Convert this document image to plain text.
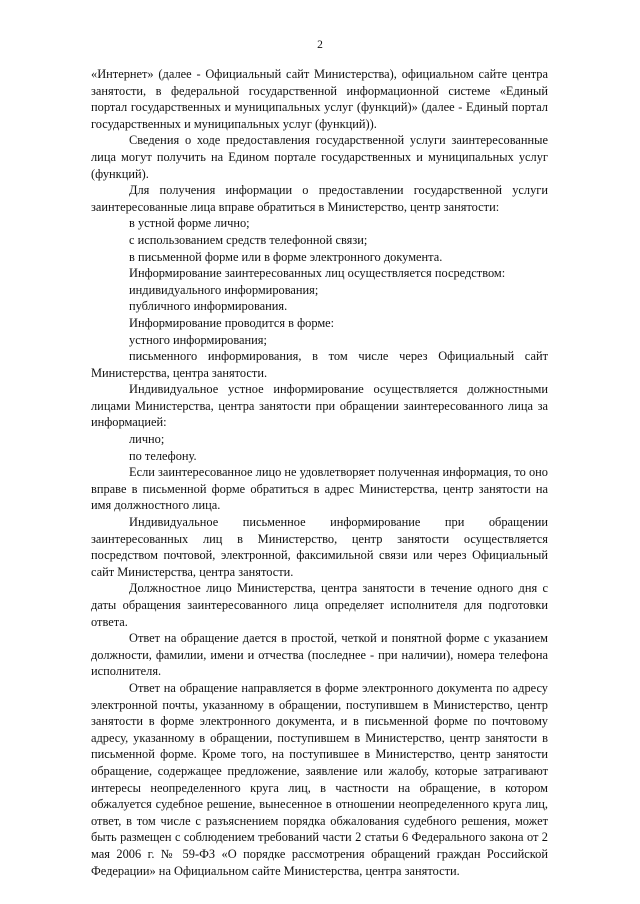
2

«Интернет» (далее - Официальный сайт Министерства), официальном сайте центра занятости, в федеральной государственной информационной системе «Единый портал государственных и муниципальных услуг (функций)» (далее - Единый портал государственных и муниципальных услуг (функций)).

Сведения о ходе предоставления государственной услуги заинтересованные лица могут получить на Едином портале государственных и муниципальных услуг (функций).

Для получения информации о предоставлении государственной услуги заинтересованные лица вправе обратиться в Министерство, центр занятости:

в устной форме лично;

с использованием средств телефонной связи;

в письменной форме или в форме электронного документа.

Информирование заинтересованных лиц осуществляется посредством:

индивидуального информирования;

публичного информирования.

Информирование проводится в форме:

устного информирования;

письменного информирования, в том числе через Официальный сайт Министерства, центра занятости.

Индивидуальное устное информирование осуществляется должностными лицами Министерства, центра занятости при обращении заинтересованного лица за информацией:

лично;

по телефону.

Если заинтересованное лицо не удовлетворяет полученная информация, то оно вправе в письменной форме обратиться в адрес Министерства, центр занятости на имя должностного лица.

Индивидуальное письменное информирование при обращении заинтересованных лиц в Министерство, центр занятости осуществляется посредством почтовой, электронной, факсимильной связи или через Официальный сайт Министерства, центра занятости.

Должностное лицо Министерства, центра занятости в течение одного дня с даты обращения заинтересованного лица определяет исполнителя для подготовки ответа.

Ответ на обращение дается в простой, четкой и понятной форме с указанием должности, фамилии, имени и отчества (последнее - при наличии), номера телефона исполнителя.

Ответ на обращение направляется в форме электронного документа по адресу электронной почты, указанному в обращении, поступившем в Министерство, центр занятости в форме электронного документа, и в письменной форме по почтовому адресу, указанному в обращении, поступившем в Министерство, центр занятости в письменной форме. Кроме того, на поступившее в Министерство, центр занятости обращение, содержащее предложение, заявление или жалобу, которые затрагивают интересы неопределенного круга лиц, в частности на обращение, в котором обжалуется судебное решение, вынесенное в отношении неопределенного круга лиц, ответ, в том числе с разъяснением порядка обжалования судебного решения, может быть размещен с соблюдением требований части 2 статьи 6 Федерального закона от 2 мая 2006 г. № 59-ФЗ «О порядке рассмотрения обращений граждан Российской Федерации» на Официальном сайте Министерства, центра занятости.
